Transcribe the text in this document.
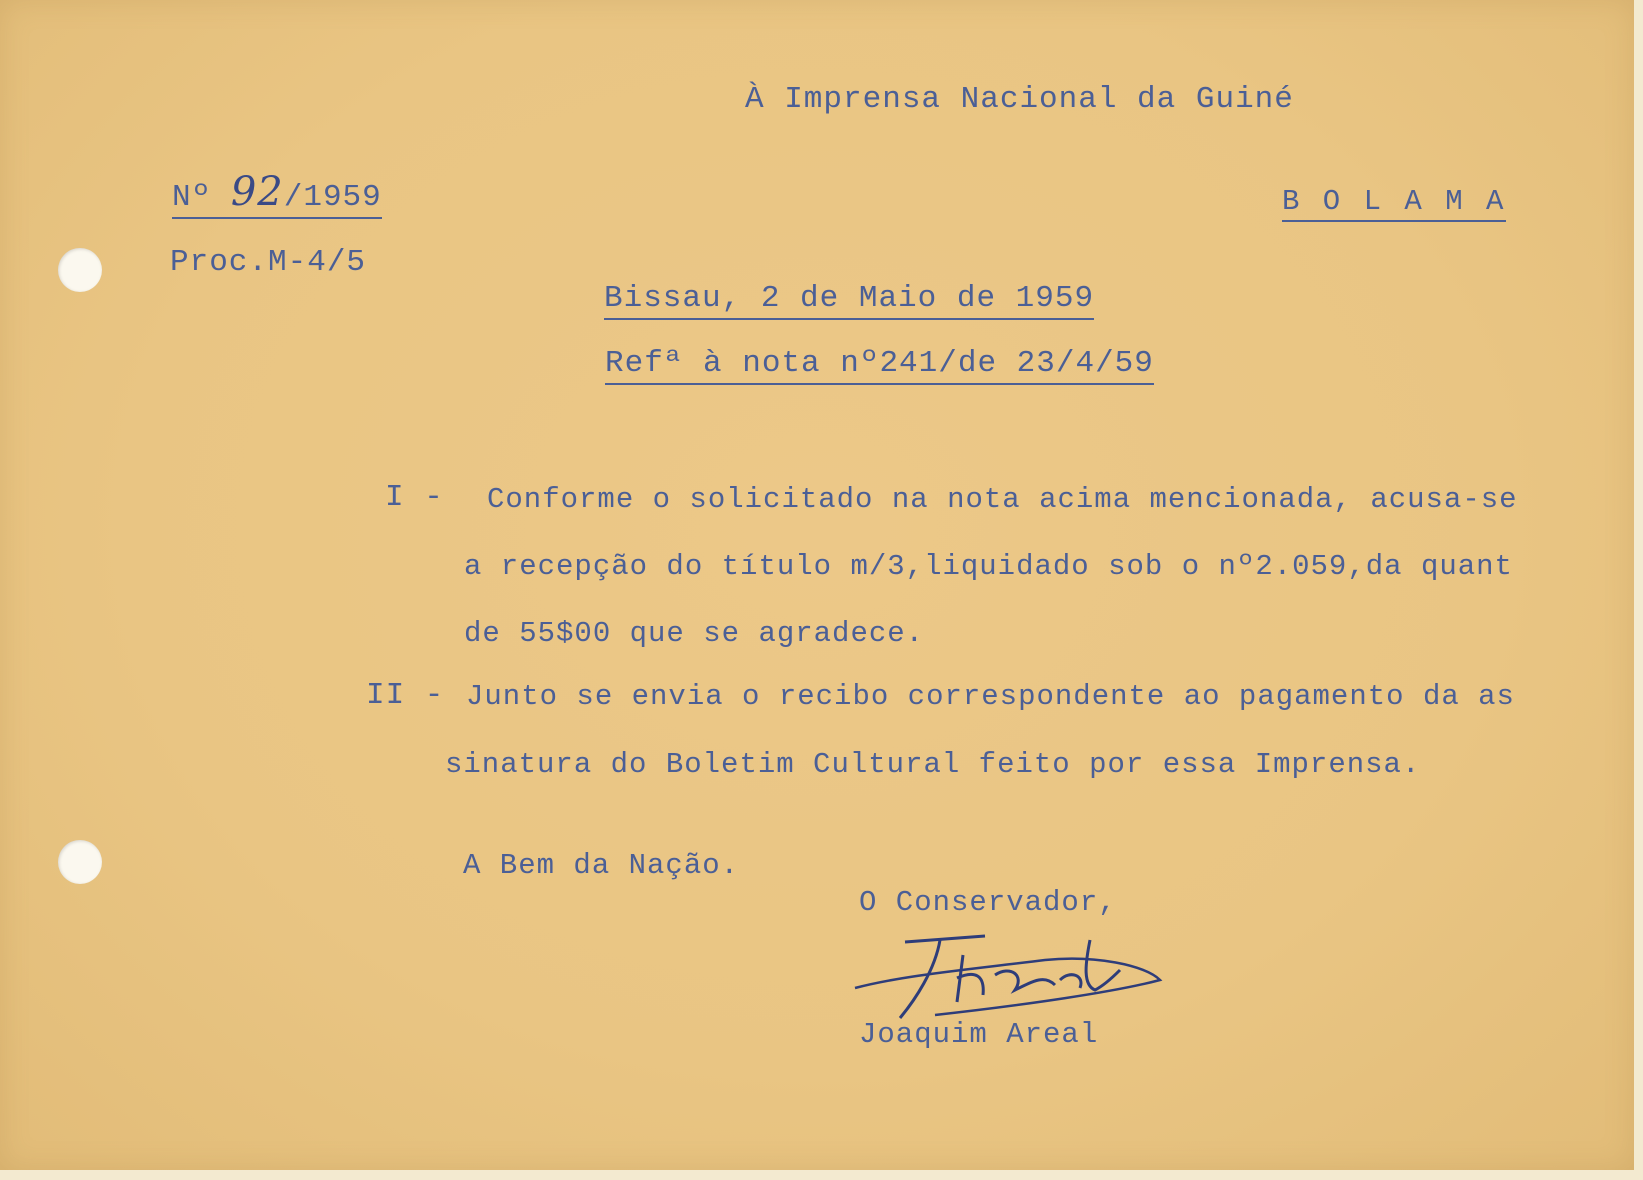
À Imprensa Nacional da Guiné
Nº 92/1959
Proc.M-4/5
B O L A M A
Bissau, 2 de Maio de 1959
Refª à nota nº241/de 23/4/59
I - Conforme o solicitado na nota acima mencionada, acusa-se
a recepção do título m/3,liquidado sob o nº2.059,da quant
de 55$00 que se agradece.
II - Junto se envia o recibo correspondente ao pagamento da as
sinatura do Boletim Cultural feito por essa Imprensa.
A Bem da Nação.
O Conservador,
Joaquim Areal
